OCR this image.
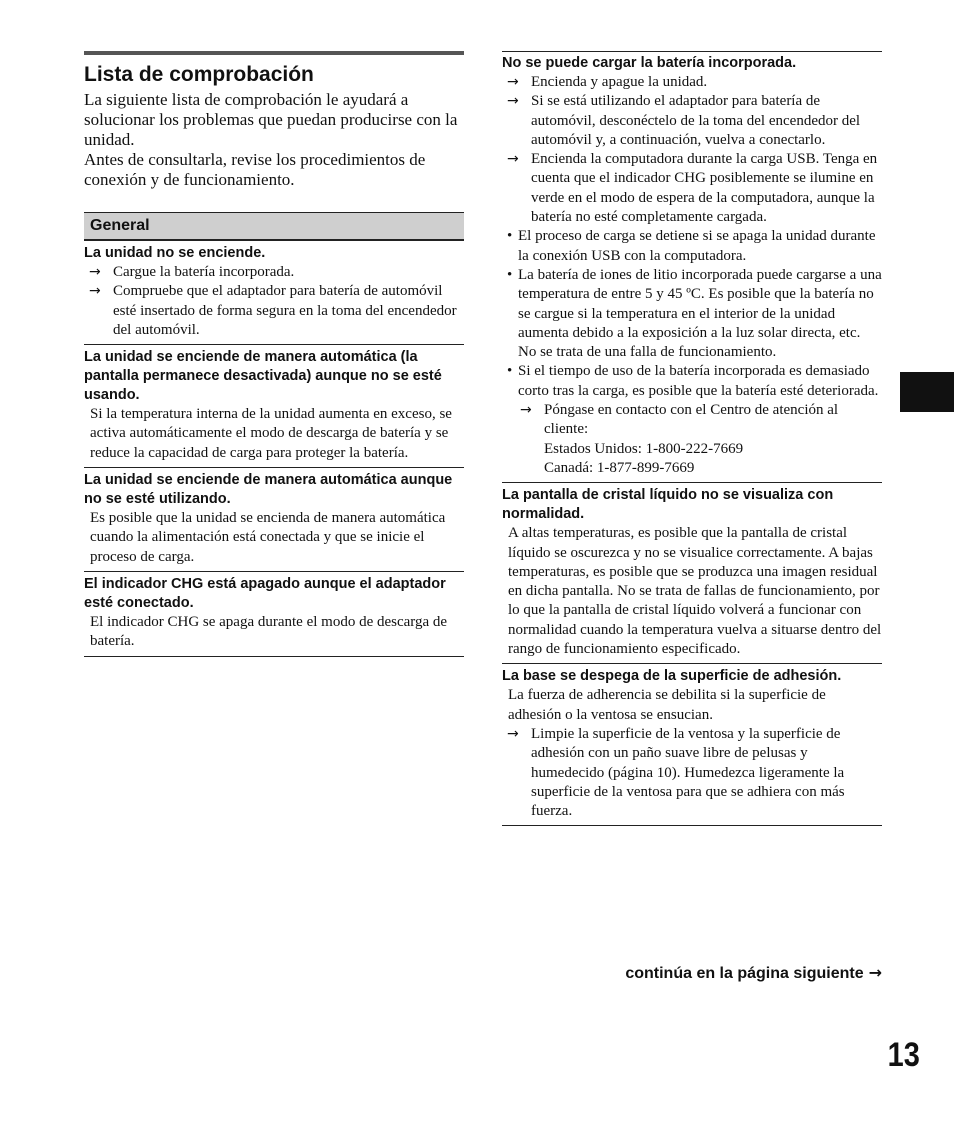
Lista de comprobación

La siguiente lista de comprobación le ayudará a solucionar los problemas que puedan producirse con la unidad.

Antes de consultarla, revise los procedimientos de conexión y de funcionamiento.

General
La unidad no se enciende.
→ Cargue la batería incorporada.
→ Compruebe que el adaptador para batería de automóvil esté insertado de forma segura en la toma del encendedor del automóvil.
La unidad se enciende de manera automática (la pantalla permanece desactivada) aunque no se esté usando.
Si la temperatura interna de la unidad aumenta en exceso, se activa automáticamente el modo de descarga de batería y se reduce la capacidad de carga para proteger la batería.
La unidad se enciende de manera automática aunque no se esté utilizando.
Es posible que la unidad se encienda de manera automática cuando la alimentación está conectada y que se inicie el proceso de carga.
El indicador CHG está apagado aunque el adaptador esté conectado.
El indicador CHG se apaga durante el modo de descarga de batería.
No se puede cargar la batería incorporada.
→ Encienda y apague la unidad.
→ Si se está utilizando el adaptador para batería de automóvil, desconéctelo de la toma del encendedor del automóvil y, a continuación, vuelva a conectarlo.
→ Encienda la computadora durante la carga USB. Tenga en cuenta que el indicador CHG posiblemente se ilumine en verde en el modo de espera de la computadora, aunque la batería no esté completamente cargada.
• El proceso de carga se detiene si se apaga la unidad durante la conexión USB con la computadora.
• La batería de iones de litio incorporada puede cargarse a una temperatura de entre 5 y 45 ºC. Es posible que la batería no se cargue si la temperatura en el interior de la unidad aumenta debido a la exposición a la luz solar directa, etc. No se trata de una falla de funcionamiento.
• Si el tiempo de uso de la batería incorporada es demasiado corto tras la carga, es posible que la batería esté deteriorada.
→ Póngase en contacto con el Centro de atención al cliente:
Estados Unidos: 1-800-222-7669
Canadá: 1-877-899-7669
La pantalla de cristal líquido no se visualiza con normalidad.
A altas temperaturas, es posible que la pantalla de cristal líquido se oscurezca y no se visualice correctamente. A bajas temperaturas, es posible que se produzca una imagen residual en dicha pantalla. No se trata de fallas de funcionamiento, por lo que la pantalla de cristal líquido volverá a funcionar con normalidad cuando la temperatura vuelva a situarse dentro del rango de funcionamiento especificado.
La base se despega de la superficie de adhesión.
La fuerza de adherencia se debilita si la superficie de adhesión o la ventosa se ensucian.
→ Limpie la superficie de la ventosa y la superficie de adhesión con un paño suave libre de pelusas y humedecido (página 10). Humedezca ligeramente la superficie de la ventosa para que se adhiera con más fuerza.
continúa en la página siguiente →
13
